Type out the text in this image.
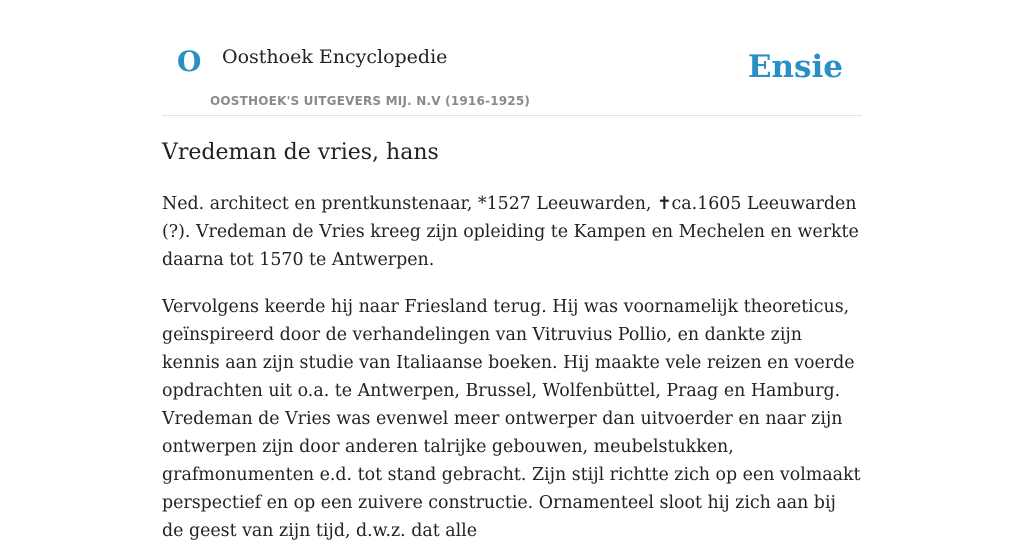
O Oosthoek Encyclopedie
OOSTHOEK'S UITGEVERS MIJ. N.V (1916-1925)
Ensie
Vredeman de vries, hans

Ned. architect en prentkunstenaar, *1527 Leeuwarden, ✝ca.1605 Leeuwarden (?). Vredeman de Vries kreeg zijn opleiding te Kampen en Mechelen en werkte daarna tot 1570 te Antwerpen.

Vervolgens keerde hij naar Friesland terug. Hij was voornamelijk theoreticus, geïnspireerd door de verhandelingen van Vitruvius Pollio, en dankte zijn kennis aan zijn studie van Italiaanse boeken. Hij maakte vele reizen en voerde opdrachten uit o.a. te Antwerpen, Brussel, Wolfenbüttel, Praag en Hamburg. Vredeman de Vries was evenwel meer ontwerper dan uitvoerder en naar zijn ontwerpen zijn door anderen talrijke gebouwen, meubelstukken, grafmonumenten e.d. tot stand gebracht. Zijn stijl richtte zich op een volmaakt perspectief en op een zuivere constructie. Ornamenteel sloot hij zich aan bij de geest van zijn tijd, d.w.z. dat alle
